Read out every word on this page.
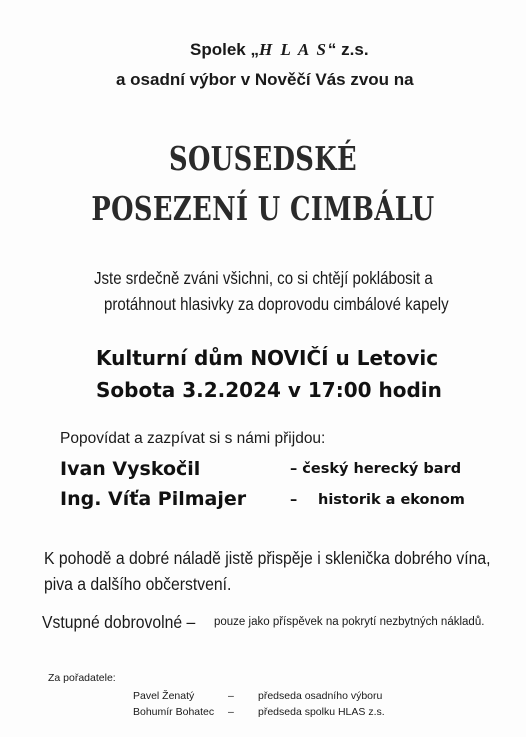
Spolek „H L A S“ z.s.
a osadní výbor v Nověčí Vás zvou na
SOUSEDSKÉ
POSEZENÍ U CIMBÁLU
Jste srdečně zváni všichni, co si chtějí poklábosit a
protáhnout hlasivky za doprovodu cimbálové kapely
Kulturní dům NOVIČÍ u Letovic
Sobota 3.2.2024 v 17:00 hodin
Popovídat a zazpívat si s námi přijdou:
Ivan Vyskočil	– český herecký bard
Ing. Víťa Pilmajer	– historik a ekonom
K pohodě a dobré náladě jistě přispěje i sklenička dobrého vína,
piva a dalšího občerstvení.
Vstupné dobrovolné – pouze jako příspěvek na pokrytí nezbytných nákladů.
Za pořadatele:
Pavel Ženatý	– předseda osadního výboru
Bohumír Bohatec – předseda spolku HLAS z.s.
